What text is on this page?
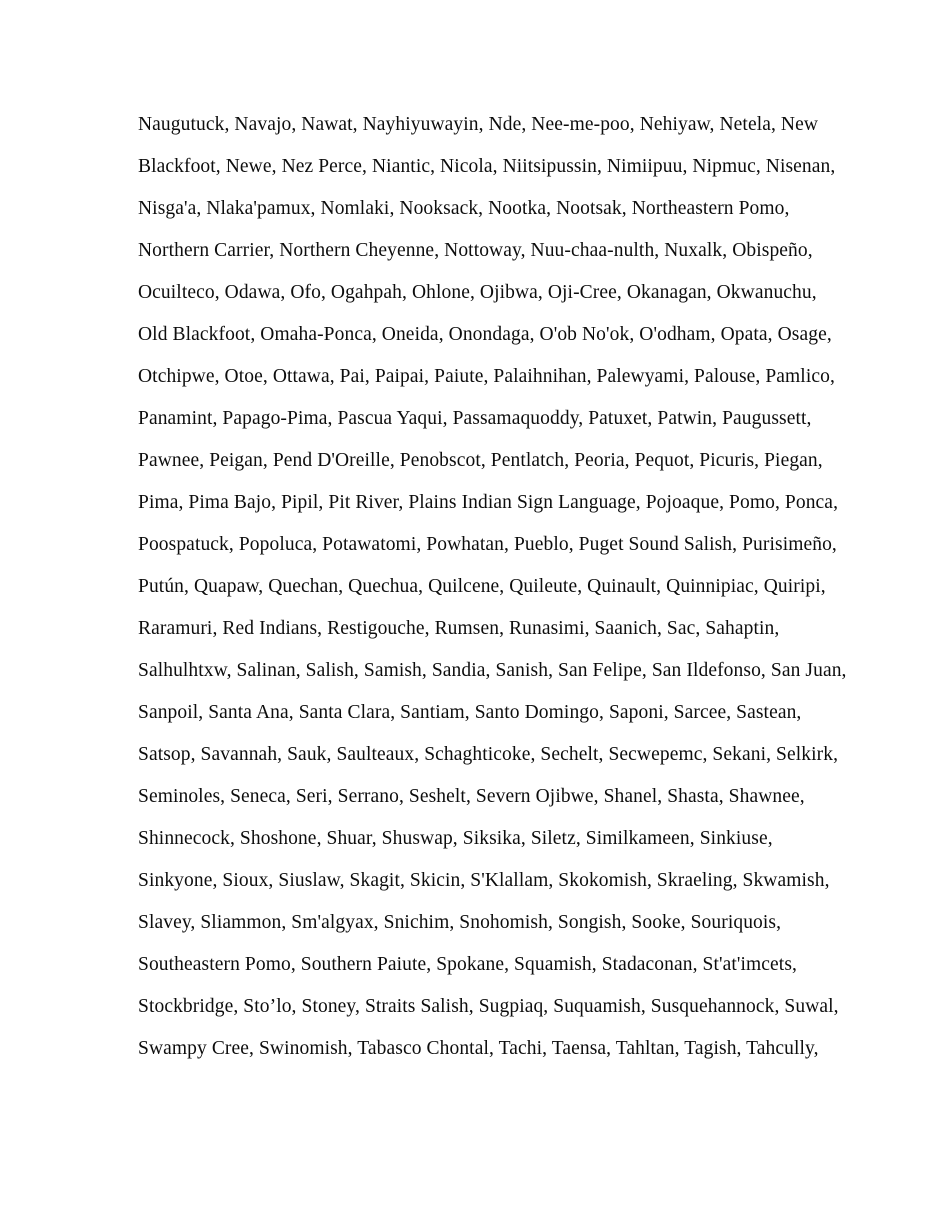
Naugutuck, Navajo, Nawat, Nayhiyuwayin, Nde, Nee-me-poo, Nehiyaw, Netela, New
Blackfoot, Newe, Nez Perce, Niantic, Nicola, Niitsipussin, Nimiipuu, Nipmuc, Nisenan,
Nisga'a, Nlaka'pamux, Nomlaki, Nooksack, Nootka, Nootsak, Northeastern Pomo,
Northern Carrier, Northern Cheyenne, Nottoway, Nuu-chaa-nulth, Nuxalk, Obispeño,
Ocuilteco, Odawa, Ofo, Ogahpah, Ohlone, Ojibwa, Oji-Cree, Okanagan, Okwanuchu,
Old Blackfoot, Omaha-Ponca, Oneida, Onondaga, O'ob No'ok, O'odham, Opata, Osage,
Otchipwe, Otoe, Ottawa, Pai, Paipai, Paiute, Palaihnihan, Palewyami, Palouse, Pamlico,
Panamint, Papago-Pima, Pascua Yaqui, Passamaquoddy, Patuxet, Patwin, Paugussett,
Pawnee, Peigan, Pend D'Oreille, Penobscot, Pentlatch, Peoria, Pequot, Picuris, Piegan,
Pima, Pima Bajo, Pipil, Pit River, Plains Indian Sign Language, Pojoaque, Pomo, Ponca,
Poospatuck, Popoluca, Potawatomi, Powhatan, Pueblo, Puget Sound Salish, Purisimeño,
Putún, Quapaw, Quechan, Quechua, Quilcene, Quileute, Quinault, Quinnipiac, Quiripi,
Raramuri, Red Indians, Restigouche, Rumsen, Runasimi, Saanich, Sac, Sahaptin,
Salhulhtxw, Salinan, Salish, Samish, Sandia, Sanish, San Felipe, San Ildefonso, San Juan,
Sanpoil, Santa Ana, Santa Clara, Santiam, Santo Domingo, Saponi, Sarcee, Sastean,
Satsop, Savannah, Sauk, Saulteaux, Schaghticoke, Sechelt, Secwepemc, Sekani, Selkirk,
Seminoles, Seneca, Seri, Serrano, Seshelt, Severn Ojibwe, Shanel, Shasta, Shawnee,
Shinnecock, Shoshone, Shuar, Shuswap, Siksika, Siletz, Similkameen, Sinkiuse,
Sinkyone, Sioux, Siuslaw, Skagit, Skicin, S'Klallam, Skokomish, Skraeling, Skwamish,
Slavey, Sliammon, Sm'algyax, Snichim, Snohomish, Songish, Sooke, Souriquois,
Southeastern Pomo, Southern Paiute, Spokane, Squamish, Stadaconan, St'at'imcets,
Stockbridge, Sto’lo, Stoney, Straits Salish, Sugpiaq, Suquamish, Susquehannock, Suwal,
Swampy Cree, Swinomish, Tabasco Chontal, Tachi, Taensa, Tahltan, Tagish, Tahcully,
